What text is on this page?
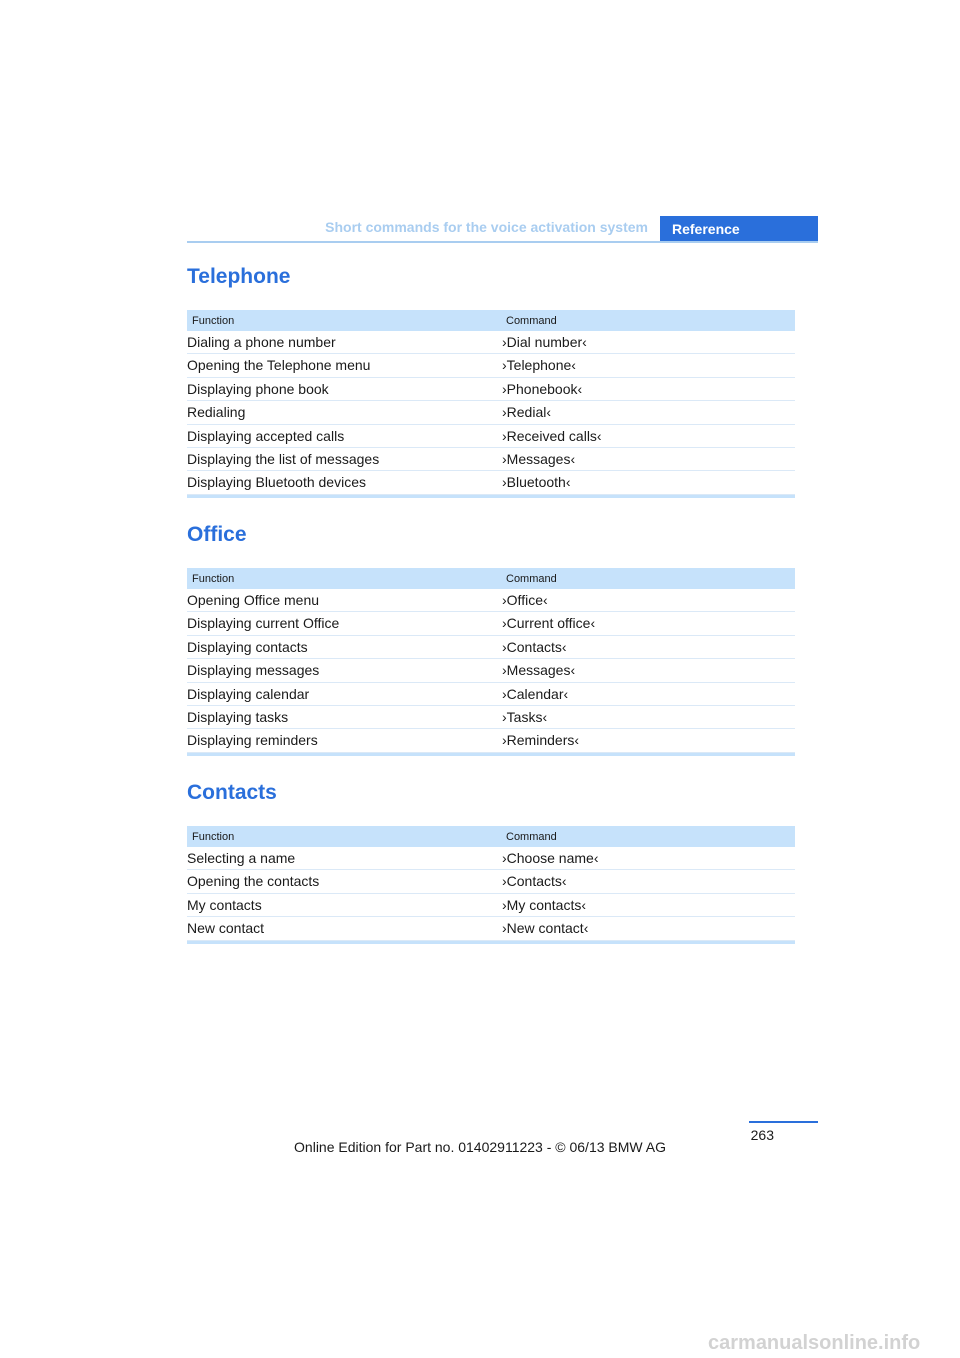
Short commands for the voice activation system	Reference
Telephone
Function	Command
Dialing a phone number	›Dial number‹
Opening the Telephone menu	›Telephone‹
Displaying phone book	›Phonebook‹
Redialing	›Redial‹
Displaying accepted calls	›Received calls‹
Displaying the list of messages	›Messages‹
Displaying Bluetooth devices	›Bluetooth‹
Office
Function	Command
Opening Office menu	›Office‹
Displaying current Office	›Current office‹
Displaying contacts	›Contacts‹
Displaying messages	›Messages‹
Displaying calendar	›Calendar‹
Displaying tasks	›Tasks‹
Displaying reminders	›Reminders‹
Contacts
Function	Command
Selecting a name	›Choose name‹
Opening the contacts	›Contacts‹
My contacts	›My contacts‹
New contact	›New contact‹
263
Online Edition for Part no. 01402911223 - © 06/13 BMW AG
carmanualsonline.info
